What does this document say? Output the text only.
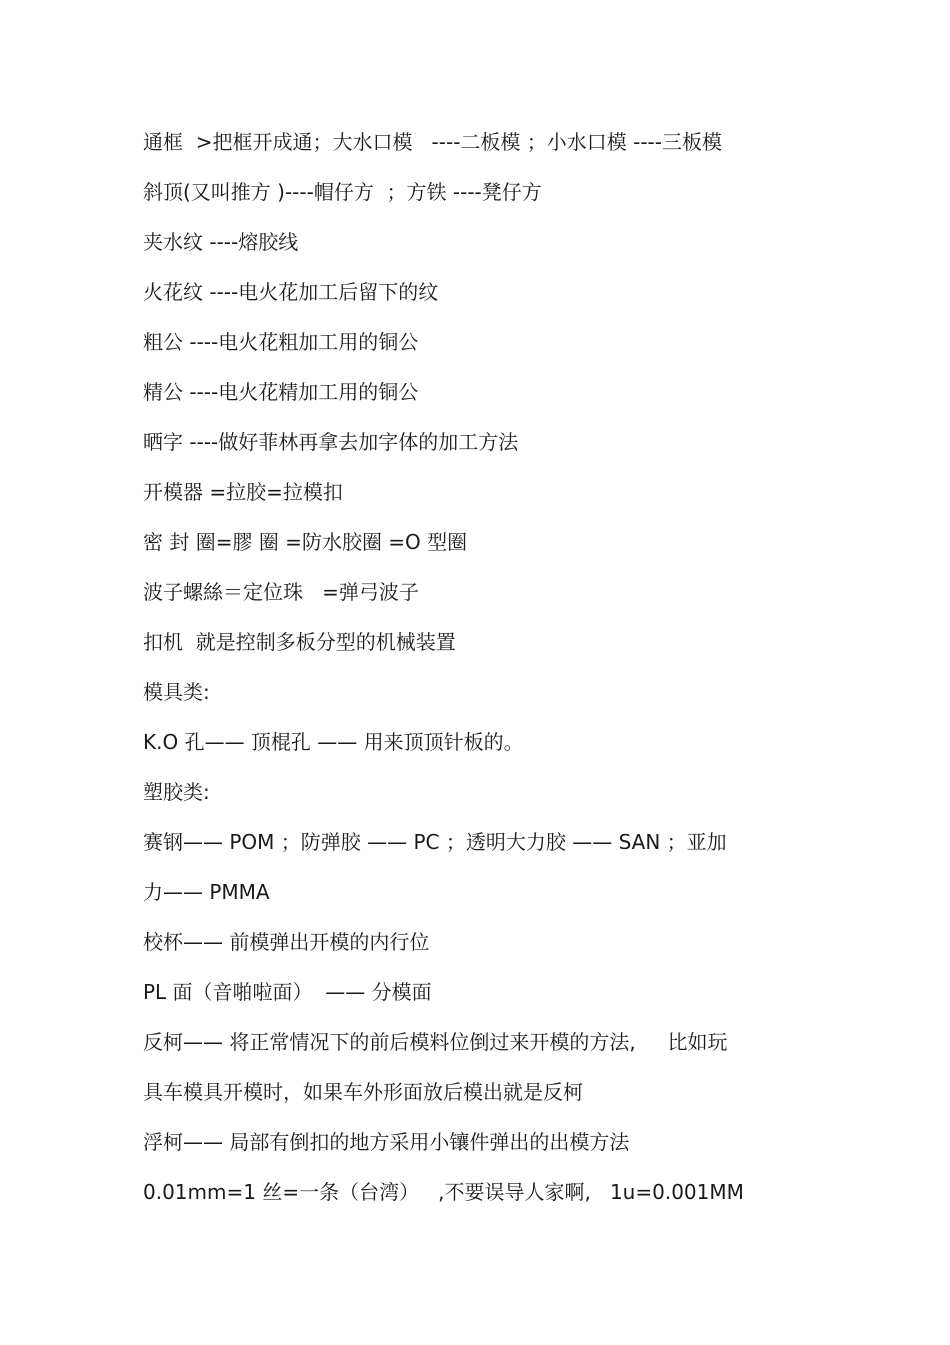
通框  >把框开成通；大水口模   ----二板模 ；小水口模 ----三板模
斜顶(又叫推方 )----帽仔方  ；方铁 ----凳仔方
夹水纹 ----熔胶线
火花纹 ----电火花加工后留下的纹
粗公 ----电火花粗加工用的铜公
精公 ----电火花精加工用的铜公
晒字 ----做好菲林再拿去加字体的加工方法
开模器 =拉胶=拉模扣
密 封 圈=膠 圈 =防水胶圈 =O 型圈
波子螺絲＝定位珠   =弹弓波子
扣机  就是控制多板分型的机械装置
模具类:
K.O 孔—— 顶棍孔 —— 用来顶顶针板的。
塑胶类:
赛钢—— POM ；防弹胶 —— PC ；透明大力胶 —— SAN ；亚加
力—— PMMA
校杯—— 前模弹出开模的内行位
PL 面（音啪啦面）  —— 分模面
反柯—— 将正常情况下的前后模料位倒过来开模的方法,     比如玩
具车模具开模时，如果车外形面放后模出就是反柯
浮柯—— 局部有倒扣的地方采用小镶件弹出的出模方法
0.01mm=1 丝=一条（台湾）   ,不要误导人家啊,   1u=0.001MM
